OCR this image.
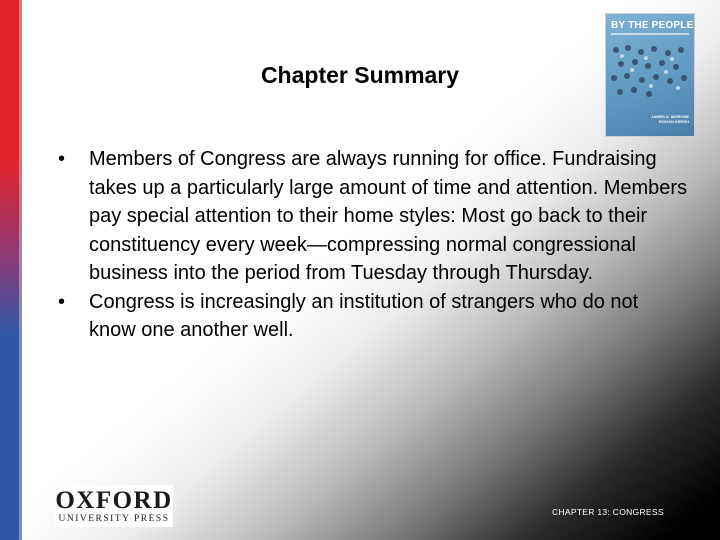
Chapter Summary
BY THE PEOPLE
JAMES A. MORONE
ROGAN KERSH
• Members of Congress are always running for office. Fundraising takes up a particularly large amount of time and attention. Members pay special attention to their home styles: Most go back to their constituency every week—compressing normal congressional business into the period from Tuesday through Thursday.
• Congress is increasingly an institution of strangers who do not know one another well.
OXFORD
UNIVERSITY PRESS
CHAPTER 13: CONGRESS
